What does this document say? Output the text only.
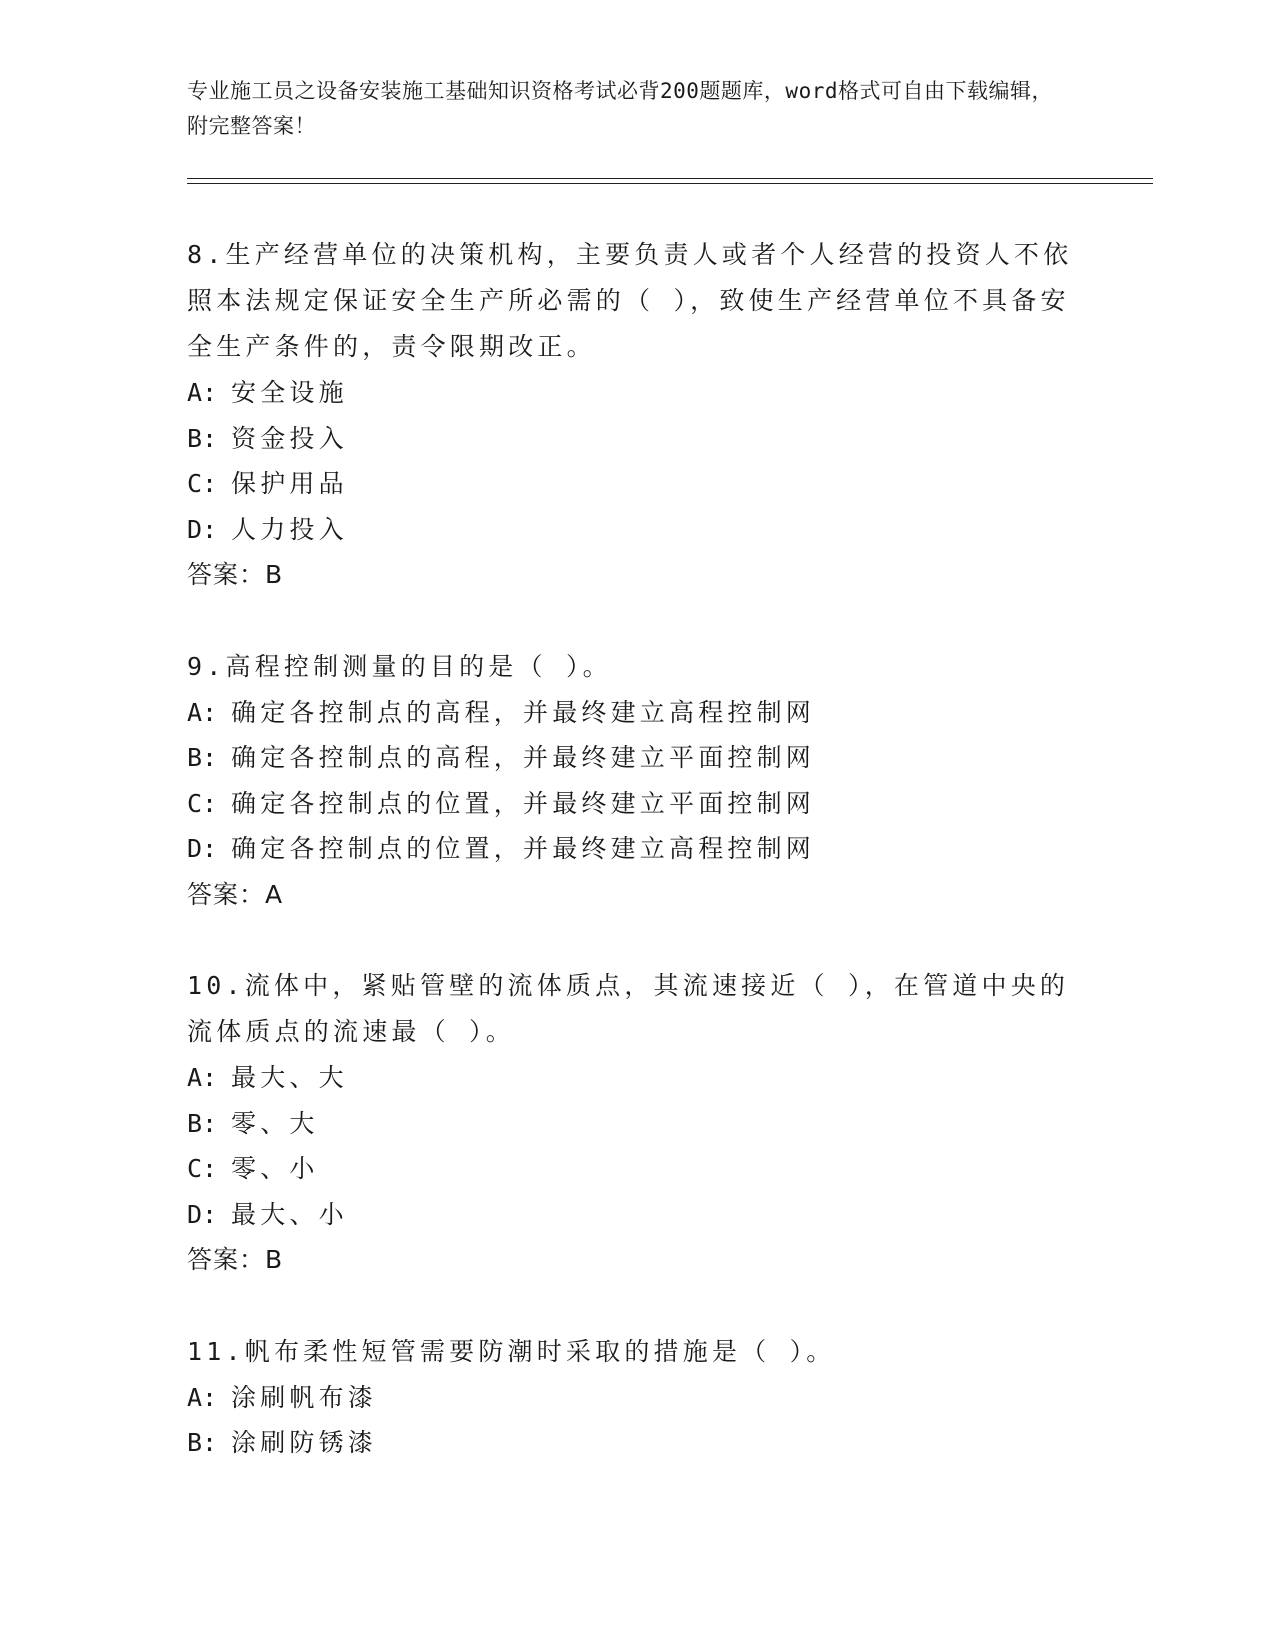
专业施工员之设备安装施工基础知识资格考试必背200题题库，word格式可自由下载编辑，附完整答案！

8.生产经营单位的决策机构，主要负责人或者个人经营的投资人不依照本法规定保证安全生产所必需的（ ），致使生产经营单位不具备安全生产条件的，责令限期改正。

A: 安全设施

B: 资金投入

C: 保护用品

D: 人力投入

答案：B

9.高程控制测量的目的是（ ）。

A: 确定各控制点的高程，并最终建立高程控制网

B: 确定各控制点的高程，并最终建立平面控制网

C: 确定各控制点的位置，并最终建立平面控制网

D: 确定各控制点的位置，并最终建立高程控制网

答案：A

10.流体中，紧贴管壁的流体质点，其流速接近（ ），在管道中央的流体质点的流速最（ ）。

A: 最大、大

B: 零、大

C: 零、小

D: 最大、小

答案：B

11.帆布柔性短管需要防潮时采取的措施是（ ）。

A: 涂刷帆布漆

B: 涂刷防锈漆
